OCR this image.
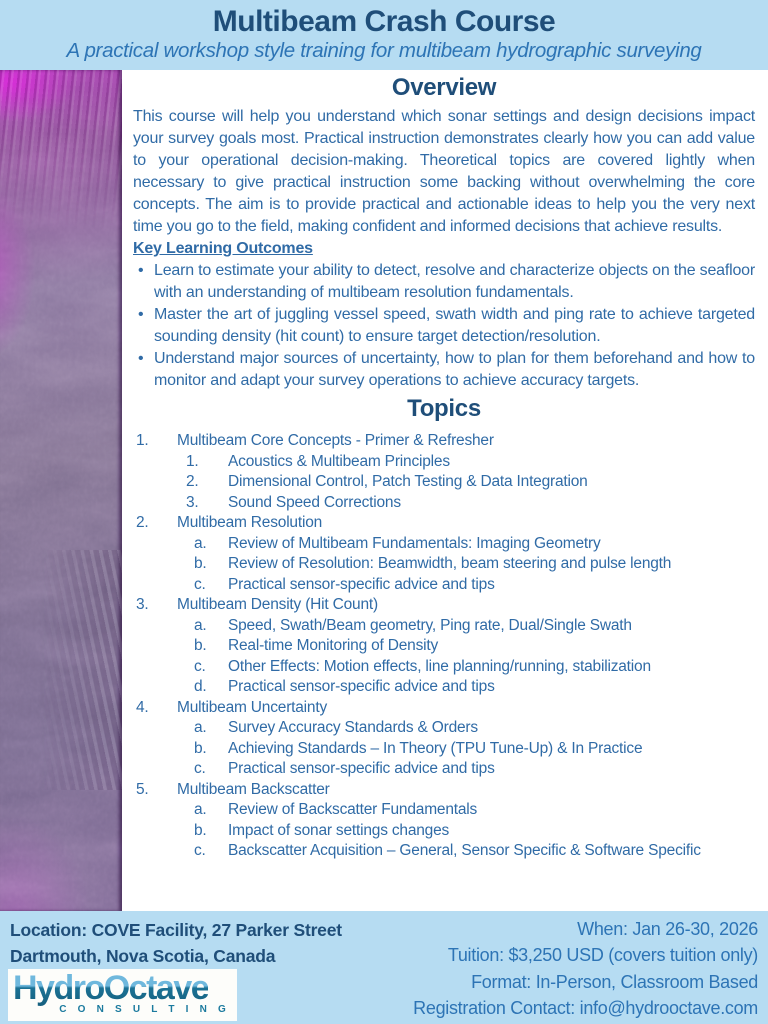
Multibeam Crash Course
A practical workshop style training for multibeam hydrographic surveying
Overview

This course will help you understand which sonar settings and design decisions impact your survey goals most. Practical instruction demonstrates clearly how you can add value to your operational decision-making. Theoretical topics are covered lightly when necessary to give practical instruction some backing without overwhelming the core concepts. The aim is to provide practical and actionable ideas to help you the very next time you go to the field, making confident and informed decisions that achieve results.

Key Learning Outcomes
• Learn to estimate your ability to detect, resolve and characterize objects on the seafloor with an understanding of multibeam resolution fundamentals.
• Master the art of juggling vessel speed, swath width and ping rate to achieve targeted sounding density (hit count) to ensure target detection/resolution.
• Understand major sources of uncertainty, how to plan for them beforehand and how to monitor and adapt your survey operations to achieve accuracy targets.
Topics
1.	Multibeam Core Concepts - Primer & Refresher
1.	Acoustics & Multibeam Principles
2.	Dimensional Control, Patch Testing & Data Integration
3.	Sound Speed Corrections
2.	Multibeam Resolution
a.	Review of Multibeam Fundamentals: Imaging Geometry
b.	Review of Resolution: Beamwidth, beam steering and pulse length
c.	Practical sensor-specific advice and tips
3.	Multibeam Density (Hit Count)
a.	Speed, Swath/Beam geometry, Ping rate, Dual/Single Swath
b.	Real-time Monitoring of Density
c.	Other Effects: Motion effects, line planning/running, stabilization
d.	Practical sensor-specific advice and tips
4.	Multibeam Uncertainty
a.	Survey Accuracy Standards & Orders
b.	Achieving Standards – In Theory (TPU Tune-Up) & In Practice
c.	Practical sensor-specific advice and tips
5.	Multibeam Backscatter
a.	Review of Backscatter Fundamentals
b.	Impact of sonar settings changes
c.	Backscatter Acquisition – General, Sensor Specific & Software Specific
Location: COVE Facility, 27 Parker Street
Dartmouth, Nova Scotia, Canada
HydroOctave
C O N S U L T I N G
When: Jan 26-30, 2026
Tuition: $3,250 USD (covers tuition only)
Format: In-Person, Classroom Based
Registration Contact: info@hydrooctave.com
